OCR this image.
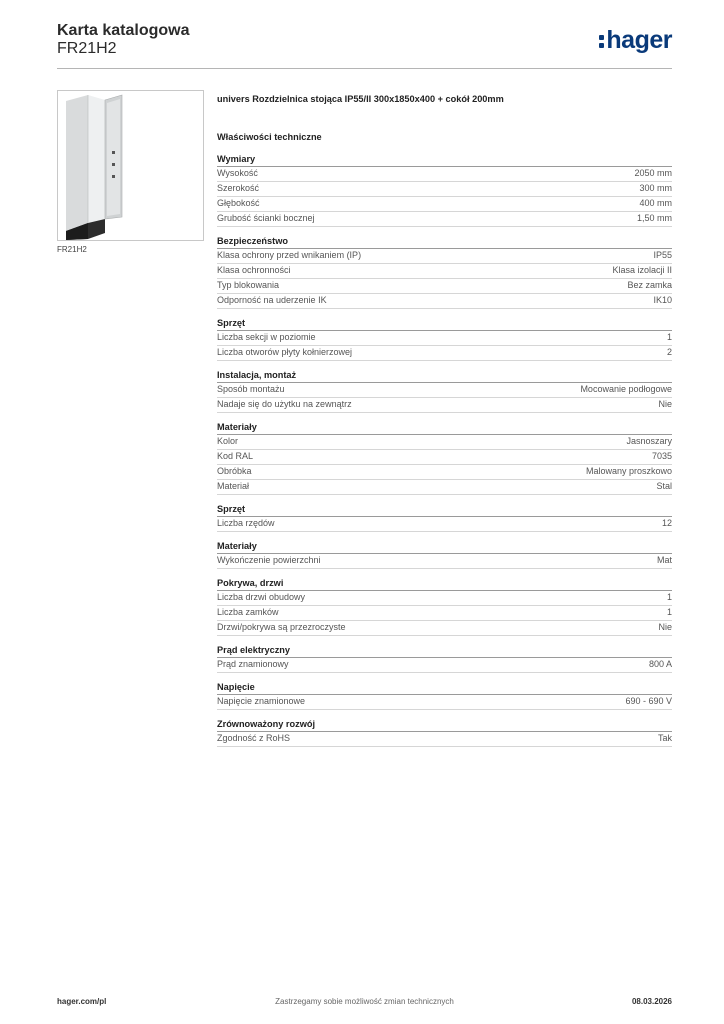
Karta katalogowa
FR21H2	hager
FR21H2
univers Rozdzielnica stojąca IP55/II 300x1850x400 + cokół 200mm
Właściwości techniczne
Wymiary
Wysokość	2050 mm
Szerokość	300 mm
Głębokość	400 mm
Grubość ścianki bocznej	1,50 mm
Bezpieczeństwo
Klasa ochrony przed wnikaniem (IP)	IP55
Klasa ochronności	Klasa izolacji II
Typ blokowania	Bez zamka
Odporność na uderzenie IK	IK10
Sprzęt
Liczba sekcji w poziomie	1
Liczba otworów płyty kołnierzowej	2
Instalacja, montaż
Sposób montażu	Mocowanie podłogowe
Nadaje się do użytku na zewnątrz	Nie
Materiały
Kolor	Jasnoszary
Kod RAL	7035
Obróbka	Malowany proszkowo
Materiał	Stal
Sprzęt
Liczba rzędów	12
Materiały
Wykończenie powierzchni	Mat
Pokrywa, drzwi
Liczba drzwi obudowy	1
Liczba zamków	1
Drzwi/pokrywa są przezroczyste	Nie
Prąd elektryczny
Prąd znamionowy	800 A
Napięcie
Napięcie znamionowe	690 - 690 V
Zrównoważony rozwój
Zgodność z RoHS	Tak
Zastrzegamy sobie możliwość zmian technicznych
hager.com/pl	08.03.2026
